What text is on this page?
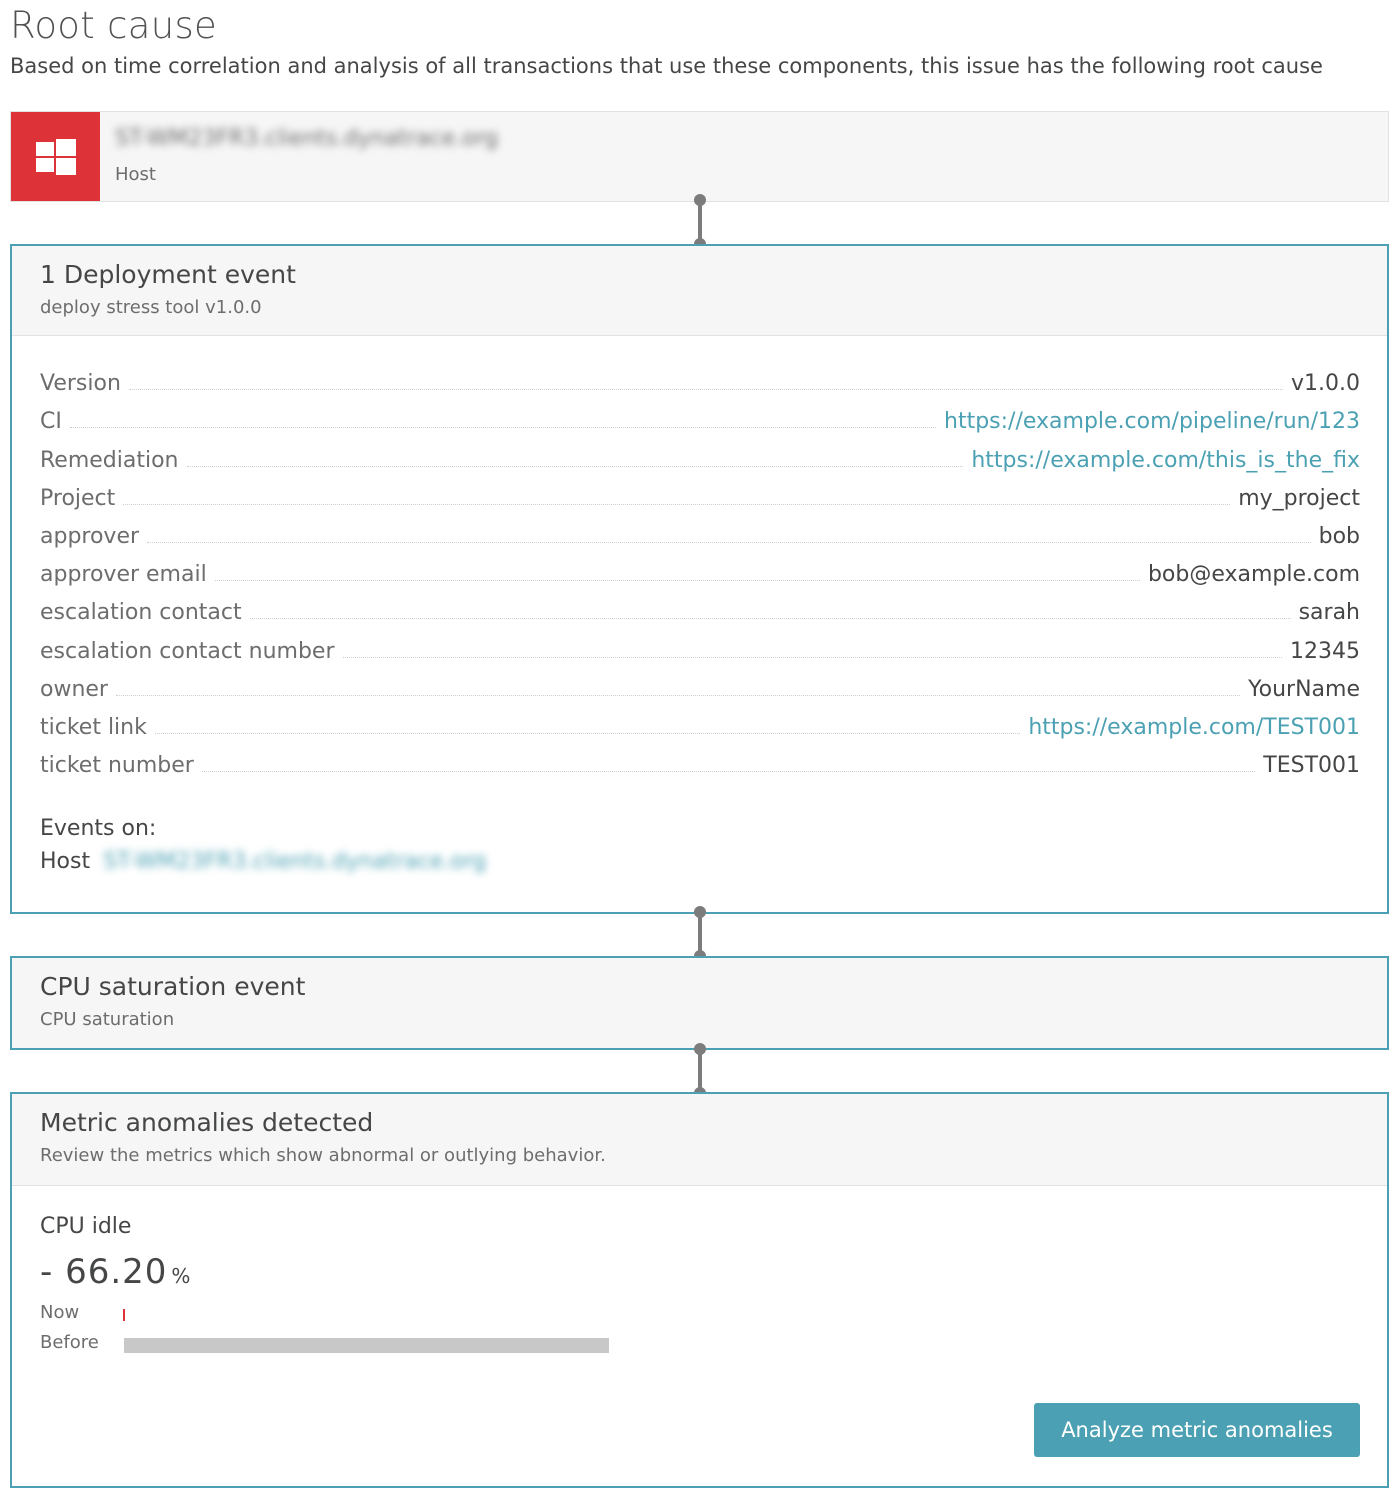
Root cause
Based on time correlation and analysis of all transactions that use these components, this issue has the following root cause
ST-WM23FR3.clients.dynatrace.org
Host
1 Deployment event
deploy stress tool v1.0.0
Version	v1.0.0
CI	https://example.com/pipeline/run/123
Remediation	https://example.com/this_is_the_fix
Project	my_project
approver	bob
approver email	bob@example.com
escalation contact	sarah
escalation contact number	12345
owner	YourName
ticket link	https://example.com/TEST001
ticket number	TEST001
Events on:
Host ST-WM23FR3.clients.dynatrace.org
CPU saturation event
CPU saturation
Metric anomalies detected
Review the metrics which show abnormal or outlying behavior.
CPU idle
- 66.20 %
Now
Before
Analyze metric anomalies
